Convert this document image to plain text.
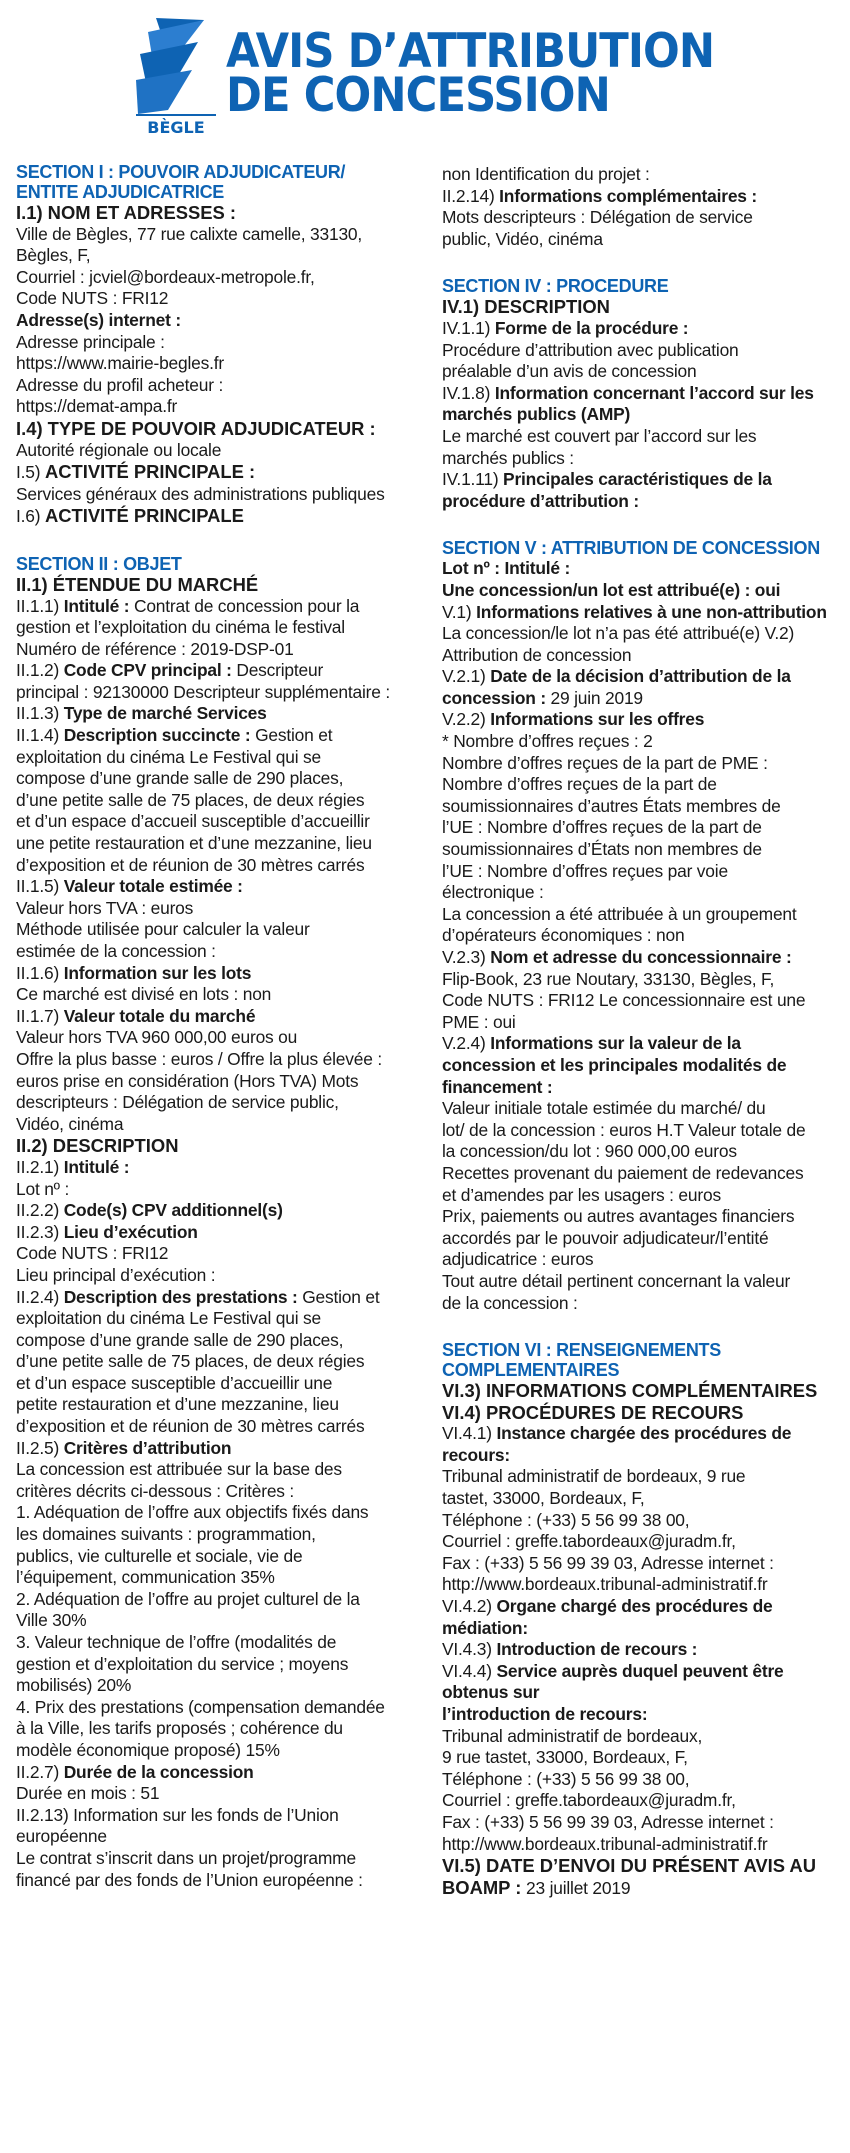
BÈGLE
AVIS D’ATTRIBUTION
DE CONCESSION
SECTION I : POUVOIR ADJUDICATEUR/
ENTITE ADJUDICATRICE
I.1) NOM ET ADRESSES :
Ville de Bègles, 77 rue calixte camelle, 33130,
Bègles, F,
Courriel : jcviel@bordeaux-metropole.fr,
Code NUTS : FRI12
Adresse(s) internet :
Adresse principale :
https://www.mairie-begles.fr
Adresse du profil acheteur :
https://demat-ampa.fr
I.4) TYPE DE POUVOIR ADJUDICATEUR :
Autorité régionale ou locale
I.5) ACTIVITÉ PRINCIPALE :
Services généraux des administrations publiques
I.6) ACTIVITÉ PRINCIPALE
SECTION II : OBJET
II.1) ÉTENDUE DU MARCHÉ
II.1.1) Intitulé : Contrat de concession pour la
gestion et l’exploitation du cinéma le festival
Numéro de référence : 2019-DSP-01
II.1.2) Code CPV principal : Descripteur
principal : 92130000 Descripteur supplémentaire :
II.1.3) Type de marché Services
II.1.4) Description succincte : Gestion et
exploitation du cinéma Le Festival qui se
compose d’une grande salle de 290 places,
d’une petite salle de 75 places, de deux régies
et d’un espace d’accueil susceptible d’accueillir
une petite restauration et d’une mezzanine, lieu
d’exposition et de réunion de 30 mètres carrés
II.1.5) Valeur totale estimée :
Valeur hors TVA : euros
Méthode utilisée pour calculer la valeur
estimée de la concession :
II.1.6) Information sur les lots
Ce marché est divisé en lots : non
II.1.7) Valeur totale du marché
Valeur hors TVA 960 000,00 euros ou
Offre la plus basse : euros / Offre la plus élevée :
euros prise en considération (Hors TVA) Mots
descripteurs : Délégation de service public,
Vidéo, cinéma
II.2) DESCRIPTION
II.2.1) Intitulé :
Lot nº :
II.2.2) Code(s) CPV additionnel(s)
II.2.3) Lieu d’exécution
Code NUTS : FRI12
Lieu principal d’exécution :
II.2.4) Description des prestations : Gestion et
exploitation du cinéma Le Festival qui se
compose d’une grande salle de 290 places,
d’une petite salle de 75 places, de deux régies
et d’un espace susceptible d’accueillir une
petite restauration et d’une mezzanine, lieu
d’exposition et de réunion de 30 mètres carrés
II.2.5) Critères d’attribution
La concession est attribuée sur la base des
critères décrits ci-dessous : Critères :
1. Adéquation de l’offre aux objectifs fixés dans
les domaines suivants : programmation,
publics, vie culturelle et sociale, vie de
l’équipement, communication 35%
2. Adéquation de l’offre au projet culturel de la
Ville 30%
3. Valeur technique de l’offre (modalités de
gestion et d’exploitation du service ; moyens
mobilisés) 20%
4. Prix des prestations (compensation demandée
à la Ville, les tarifs proposés ; cohérence du
modèle économique proposé) 15%
II.2.7) Durée de la concession
Durée en mois : 51
II.2.13) Information sur les fonds de l’Union
européenne
Le contrat s’inscrit dans un projet/programme
financé par des fonds de l’Union européenne :
non Identification du projet :
II.2.14) Informations complémentaires :
Mots descripteurs : Délégation de service
public, Vidéo, cinéma
SECTION IV : PROCEDURE
IV.1) DESCRIPTION
IV.1.1) Forme de la procédure :
Procédure d’attribution avec publication
préalable d’un avis de concession
IV.1.8) Information concernant l’accord sur les
marchés publics (AMP)
Le marché est couvert par l’accord sur les
marchés publics :
IV.1.11) Principales caractéristiques de la
procédure d’attribution :
SECTION V : ATTRIBUTION DE CONCESSION
Lot nº : Intitulé :
Une concession/un lot est attribué(e) : oui
V.1) Informations relatives à une non-attribution
La concession/le lot n’a pas été attribué(e) V.2)
Attribution de concession
V.2.1) Date de la décision d’attribution de la
concession : 29 juin 2019
V.2.2) Informations sur les offres
* Nombre d’offres reçues : 2
Nombre d’offres reçues de la part de PME :
Nombre d’offres reçues de la part de
soumissionnaires d’autres États membres de
l’UE : Nombre d’offres reçues de la part de
soumissionnaires d’États non membres de
l’UE : Nombre d’offres reçues par voie
électronique :
La concession a été attribuée à un groupement
d’opérateurs économiques : non
V.2.3) Nom et adresse du concessionnaire :
Flip-Book, 23 rue Noutary, 33130, Bègles, F,
Code NUTS : FRI12 Le concessionnaire est une
PME : oui
V.2.4) Informations sur la valeur de la
concession et les principales modalités de
financement :
Valeur initiale totale estimée du marché/ du
lot/ de la concession : euros H.T Valeur totale de
la concession/du lot : 960 000,00 euros
Recettes provenant du paiement de redevances
et d’amendes par les usagers : euros
Prix, paiements ou autres avantages financiers
accordés par le pouvoir adjudicateur/l’entité
adjudicatrice : euros
Tout autre détail pertinent concernant la valeur
de la concession :
SECTION VI : RENSEIGNEMENTS
COMPLEMENTAIRES
VI.3) INFORMATIONS COMPLÉMENTAIRES
VI.4) PROCÉDURES DE RECOURS
VI.4.1) Instance chargée des procédures de
recours:
Tribunal administratif de bordeaux, 9 rue
tastet, 33000, Bordeaux, F,
Téléphone : (+33) 5 56 99 38 00,
Courriel : greffe.tabordeaux@juradm.fr,
Fax : (+33) 5 56 99 39 03, Adresse internet :
http://www.bordeaux.tribunal-administratif.fr
VI.4.2) Organe chargé des procédures de
médiation:
VI.4.3) Introduction de recours :
VI.4.4) Service auprès duquel peuvent être obtenus sur
l’introduction de recours:
Tribunal administratif de bordeaux,
9 rue tastet, 33000, Bordeaux, F,
Téléphone : (+33) 5 56 99 38 00,
Courriel : greffe.tabordeaux@juradm.fr,
Fax : (+33) 5 56 99 39 03, Adresse internet :
http://www.bordeaux.tribunal-administratif.fr
VI.5) DATE D’ENVOI DU PRÉSENT AVIS AU
BOAMP : 23 juillet 2019
